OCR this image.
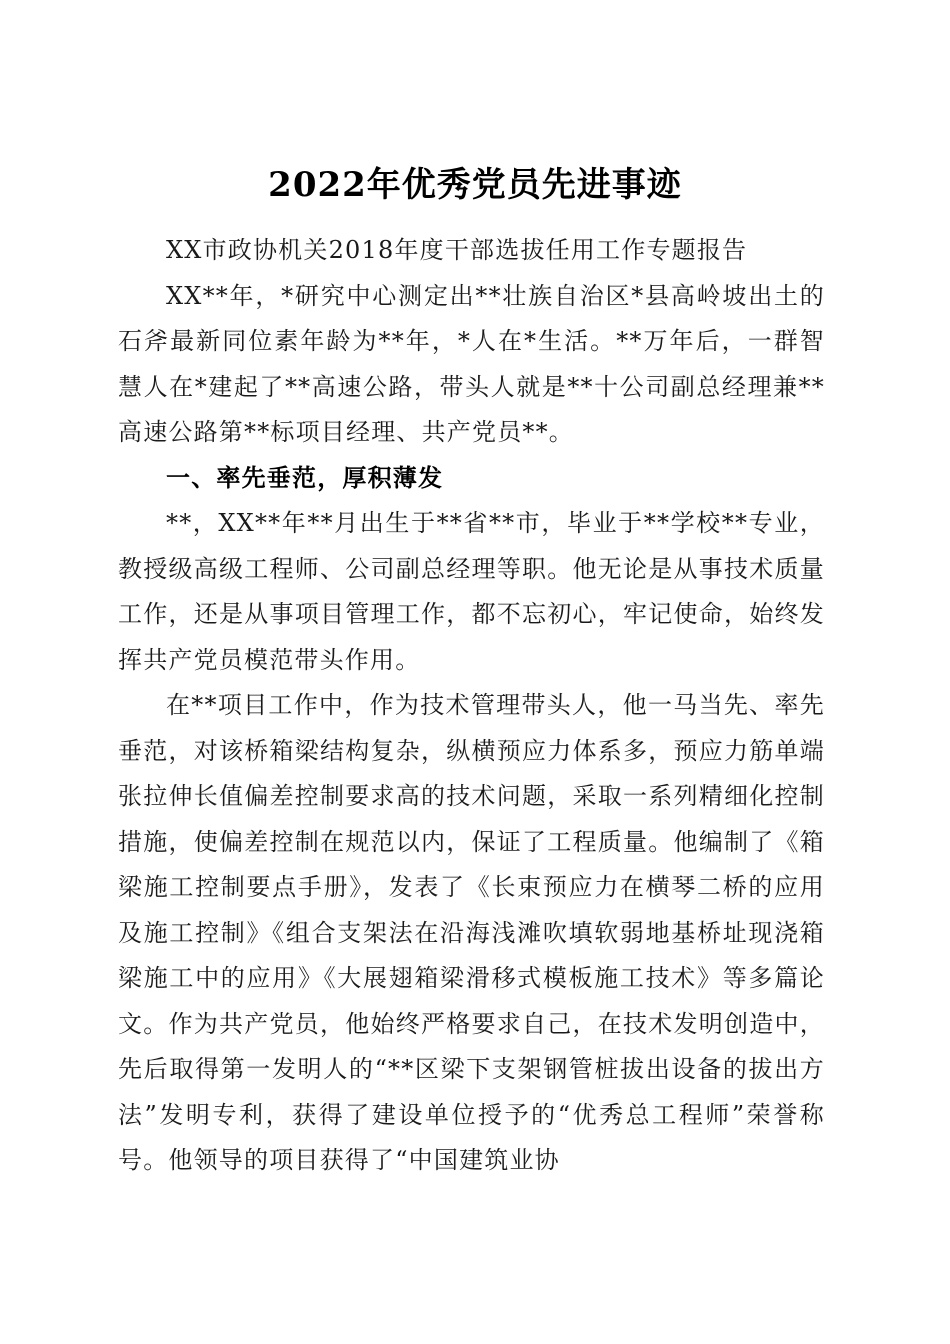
2022年优秀党员先进事迹

XX市政协机关2018年度干部选拔任用工作专题报告

XX**年，*研究中心测定出**壮族自治区*县高岭坡出土的石斧最新同位素年龄为**年，*人在*生活。**万年后，一群智慧人在*建起了**高速公路，带头人就是**十公司副总经理兼**高速公路第**标项目经理、共产党员**。

一、率先垂范，厚积薄发

**，XX**年**月出生于**省**市，毕业于**学校**专业，教授级高级工程师、公司副总经理等职。他无论是从事技术质量工作，还是从事项目管理工作，都不忘初心，牢记使命，始终发挥共产党员模范带头作用。

在**项目工作中，作为技术管理带头人，他一马当先、率先垂范，对该桥箱梁结构复杂，纵横预应力体系多，预应力筋单端张拉伸长值偏差控制要求高的技术问题，采取一系列精细化控制措施，使偏差控制在规范以内，保证了工程质量。他编制了《箱梁施工控制要点手册》，发表了《长束预应力在横琴二桥的应用及施工控制》《组合支架法在沿海浅滩吹填软弱地基桥址现浇箱梁施工中的应用》《大展翅箱梁滑移式模板施工技术》等多篇论文。作为共产党员，他始终严格要求自己，在技术发明创造中，先后取得第一发明人的“**区梁下支架钢管桩拔出设备的拔出方法”发明专利，获得了建设单位授予的“优秀总工程师”荣誉称号。他领导的项目获得了“中国建筑业协
